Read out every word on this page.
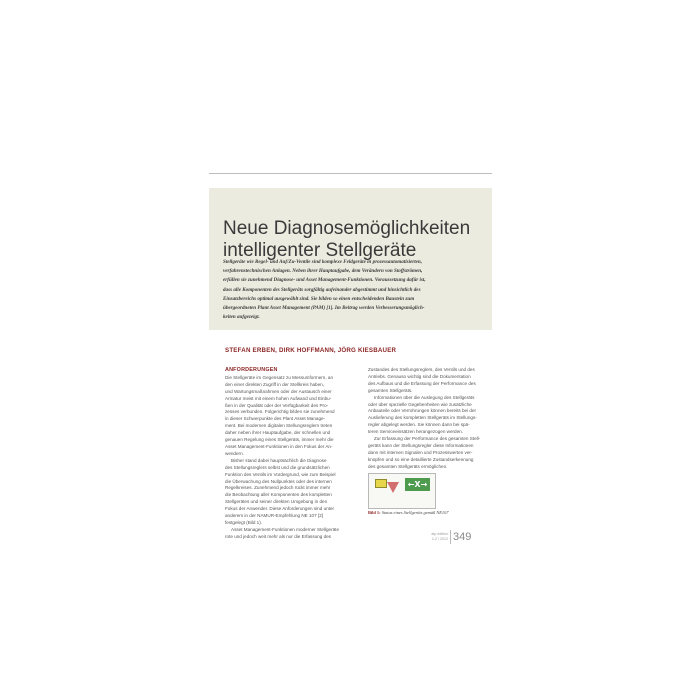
Neue Diagnosemöglichkeiten
intelligenter Stellgeräte
Stellgeräte wie Regel- und Auf/Zu-Ventile sind komplexe Feldgeräte in prozessautomatisierten,
verfahrenstechnischen Anlagen. Neben ihrer Hauptaufgabe, dem Verändern von Stoffströmen,
erfüllen sie zunehmend Diagnose- und Asset Management-Funktionen. Voraussetzung dafür ist,
dass alle Komponenten des Stellgeräts sorgfältig aufeinander abgestimmt und hinsichtlich des
Einsatzbereichs optimal ausgewählt sind. Sie bilden so einen entscheidenden Baustein zum
übergeordneten Plant Asset Management (PAM) [1]. Im Beitrag werden Verbesserungsmöglich-
keiten aufgezeigt.
STEFAN ERBEN, DIRK HOFFMANN, JÖRG KIESBAUER
ANFORDERUNGEN
Die Stellgeräte im Gegensatz zu Messumformern, an
den einer direkten Zugriff in der Stellkreis haben,
und Wartungsmaßnahmen oder der Austausch einer
Armatur meist mit einem hohen Aufwand und Einbu-
ßen in der Qualität oder der Verfügbarkeit des Pro-
zesses verbunden. Folgerichtig bilden sie zunehmend
in dieser Schwerpunkte des Plant Asset Manage-
ment. Bei modernen digitalen Stellungsreglern treten
daher neben ihrer Hauptaufgabe, der schnellen und
genauen Regelung eines Stellgeräts, immer mehr die
Asset Management-Funktionen in den Fokus der An-
wendern.
Bisher stand dabei hauptsächlich die Diagnose
des Stellungsreglers selbst und die grundsätzlichen
Funktion des Ventils im Vordergrund, wie zum Beispiel
die Überwachung des Nullpunktes oder des internen
Regelkreises. Zunehmend jedoch rückt immer mehr
die Beobachtung aller Komponenten des kompletten
Stellgerätes und seiner direkten Umgebung in den
Fokus der Anwender. Diese Anforderungen sind unter
anderem in der NAMUR-Empfehlung NE 107 [2]
festgelegt (Bild 1).
Asset Management-Funktionen moderner Stellgeräte
rote und jedoch weit mehr als nur die Erfassung des
Zustandes des Stellungsreglers, des Ventils und des
Antriebs. Genauso wichtig sind die Dokumentation
des Aufbaus und die Erfassung der Performance des
gesamten Stellgeräts.
Informationen über die Auslegung des Stellgeräts
oder über spezielle Gegebenheiten wie zusätzliche
Anbauteile oder Verrohrungen können bereits bei der
Auslieferung des kompletten Stellgeräts im Stellungs-
regler abgelegt werden. Sie können dann bei spä-
teren Serviceeinsätzen herangezogen werden.
Zur Erfassung der Performance des gesamten Stell-
geräts kann der Stellungsregler diese Informationen
dann mit internen Signalen und Prozesswerten ver-
knüpfen und so eine detaillierte Zustandserkennung
des gesamten Stellgeräts ermöglichen.
←X→
Bild 1: Status eines Stellgeräts gemäß NE107
atp edition
1-2 / 2012 349
